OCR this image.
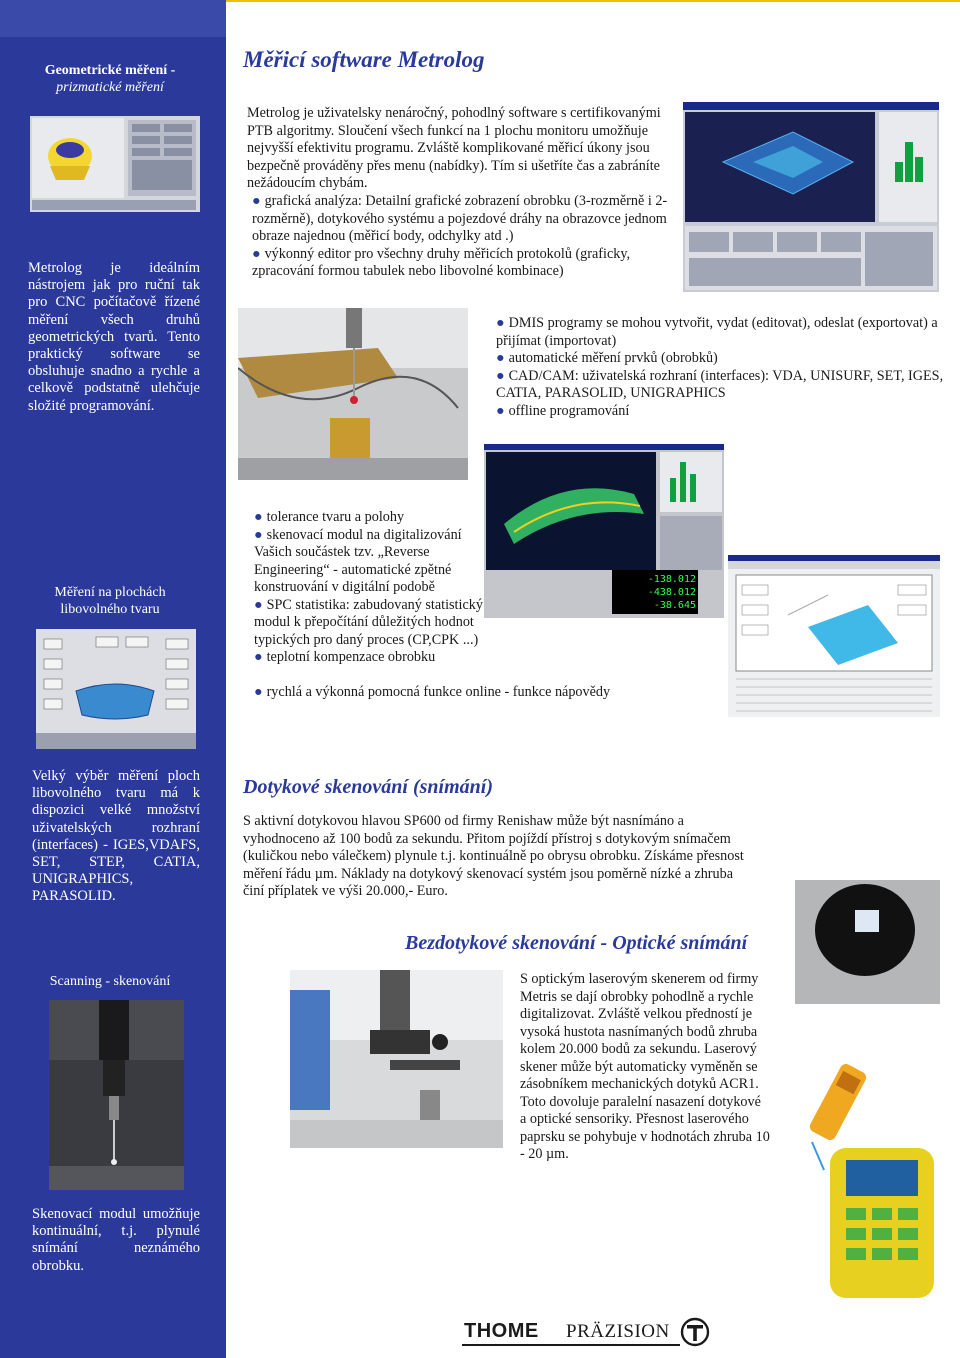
Geometrické měření -
prizmatické měření
Metrolog je ideálním nástrojem jak pro ruční tak pro CNC počítačově řízené měření všech druhů geometrických tvarů. Tento praktický software se obsluhuje snadno a rychle a celkově podstatně ulehčuje složité programování.
Měření na plochách
libovolného tvaru
Velký výběr měření ploch libovolného tvaru má k dispozici velké množství uživatelských rozhraní (interfaces) - IGES,VDAFS, SET, STEP, CATIA, UNIGRAPHICS, PARASOLID.
Scanning - skenování
Skenovací modul umožňuje kontinuální, t.j. plynulé snímání neznámého obrobku.
Měřicí software Metrolog
Metrolog je uživatelsky nenáročný, pohodlný software s certifikovanými PTB algoritmy. Sloučení všech funkcí na 1 plochu monitoru umožňuje nejvyšší efektivitu programu. Zvláště komplikované měřicí úkony jsou bezpečně prováděny přes menu (nabídky). Tím si ušetříte čas a zabráníte nežádoucím chybám.
● grafická analýza: Detailní grafické zobrazení obrobku (3-rozměrně i 2-rozměrně), dotykového systému a pojezdové dráhy na obrazovce jednom obraze najednou (měřicí body, odchylky atd .)
● výkonný editor pro všechny druhy měřicích protokolů (graficky, zpracování formou tabulek nebo libovolné kombinace)
● DMIS programy se mohou vytvořit, vydat (editovat), odeslat (exportovat) a přijímat (importovat)
● automatické měření prvků (obrobků)
● CAD/CAM: uživatelská rozhraní (interfaces): VDA, UNISURF, SET, IGES, CATIA, PARASOLID, UNIGRAPHICS
● offline programování
● tolerance tvaru a polohy
● skenovací modul na digitalizování Vašich součástek tzv. „Reverse Engineering“ - automatické zpětné konstruování v digitální podobě
● SPC statistika: zabudovaný statistický modul k přepočítání důležitých hodnot typických pro daný proces (CP,CPK ...)
● teplotní kompenzace obrobku
● rychlá a výkonná pomocná funkce online - funkce nápovědy
-138.012
-438.012
-38.645
Dotykové skenování (snímání)
S aktivní dotykovou hlavou SP600 od firmy Renishaw může být nasnímáno a vyhodnoceno až 100 bodů za sekundu. Přitom pojíždí přístroj s dotykovým snímačem (kuličkou nebo válečkem) plynule t.j. kontinuálně po obrysu obrobku. Získáme přesnost měření řádu µm. Náklady na dotykový skenovací systém jsou poměrně nízké a zhruba činí příplatek ve výši 20.000,- Euro.
Bezdotykové skenování - Optické snímání
S optickým laserovým skenerem od firmy Metris se dají obrobky pohodlně a rychle digitalizovat. Zvláště velkou předností je vysoká hustota nasnímaných bodů zhruba kolem 20.000 bodů za sekundu. Laserový skener může být automaticky vyměněn se zásobníkem mechanických dotyků ACR1. Toto dovoluje paralelní nasazení dotykové a optické sensoriky. Přesnost laserového paprsku se pohybuje v hodnotách zhruba 10 - 20 µm.
THOME PRÄZISION
